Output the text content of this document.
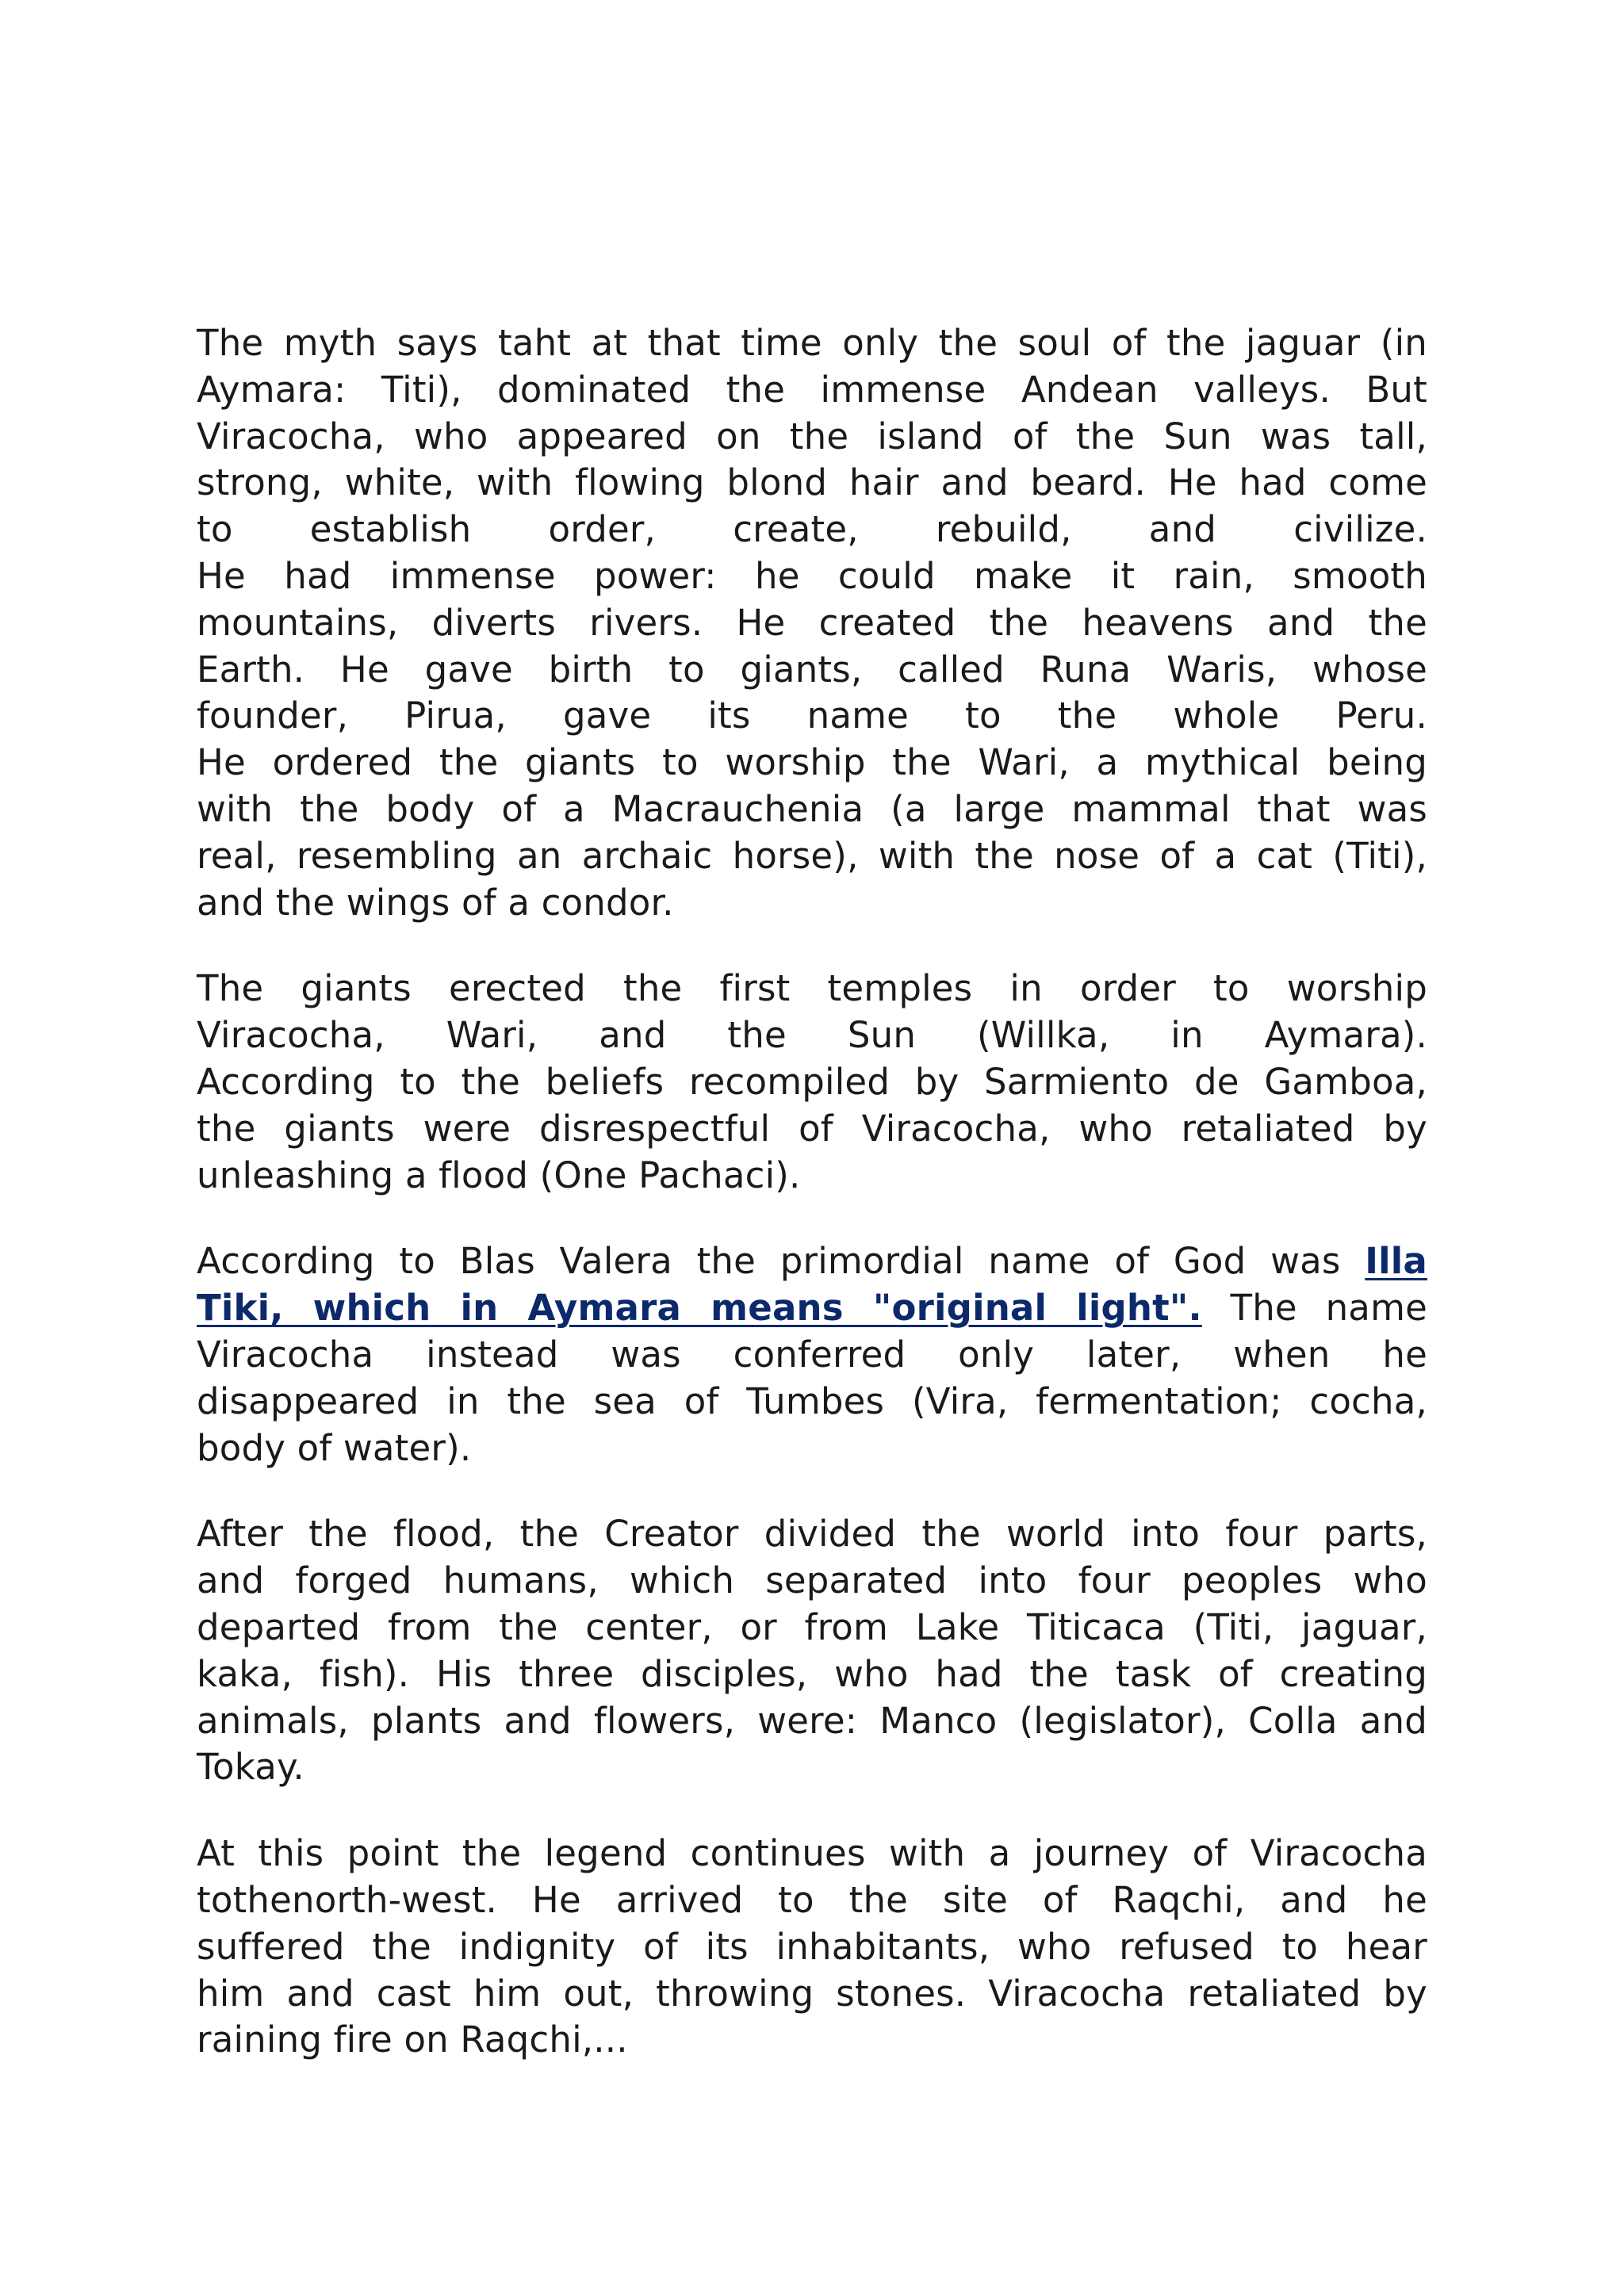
The myth says taht at that time only the soul of the jaguar (in
Aymara: Titi), dominated the immense Andean valleys. But
Viracocha, who appeared on the island of the Sun was tall,
strong, white, with flowing blond hair and beard. He had come
to establish order, create, rebuild, and civilize.
He had immense power: he could make it rain, smooth
mountains, diverts rivers. He created the heavens and the
Earth. He gave birth to giants, called Runa Waris, whose
founder, Pirua, gave its name to the whole Peru.
He ordered the giants to worship the Wari, a mythical being
with the body of a Macrauchenia (a large mammal that was
real, resembling an archaic horse), with the nose of a cat (Titi),
and the wings of a condor.
The giants erected the first temples in order to worship
Viracocha, Wari, and the Sun (Willka, in Aymara).
According to the beliefs recompiled by Sarmiento de Gamboa,
the giants were disrespectful of Viracocha, who retaliated by
unleashing a flood (One Pachaci).
According to Blas Valera the primordial name of God was Illa
Tiki, which in Aymara means "original light". The name
Viracocha instead was conferred only later, when he
disappeared in the sea of Tumbes (Vira, fermentation; cocha,
body of water).
After the flood, the Creator divided the world into four parts,
and forged humans, which separated into four peoples who
departed from the center, or from Lake Titicaca (Titi, jaguar,
kaka, fish). His three disciples, who had the task of creating
animals, plants and flowers, were: Manco (legislator), Colla and
Tokay.
At this point the legend continues with a journey of Viracocha
tothenorth-west. He arrived to the site of Raqchi, and he
suffered the indignity of its inhabitants, who refused to hear
him and cast him out, throwing stones. Viracocha retaliated by
raining fire on Raqchi,...
